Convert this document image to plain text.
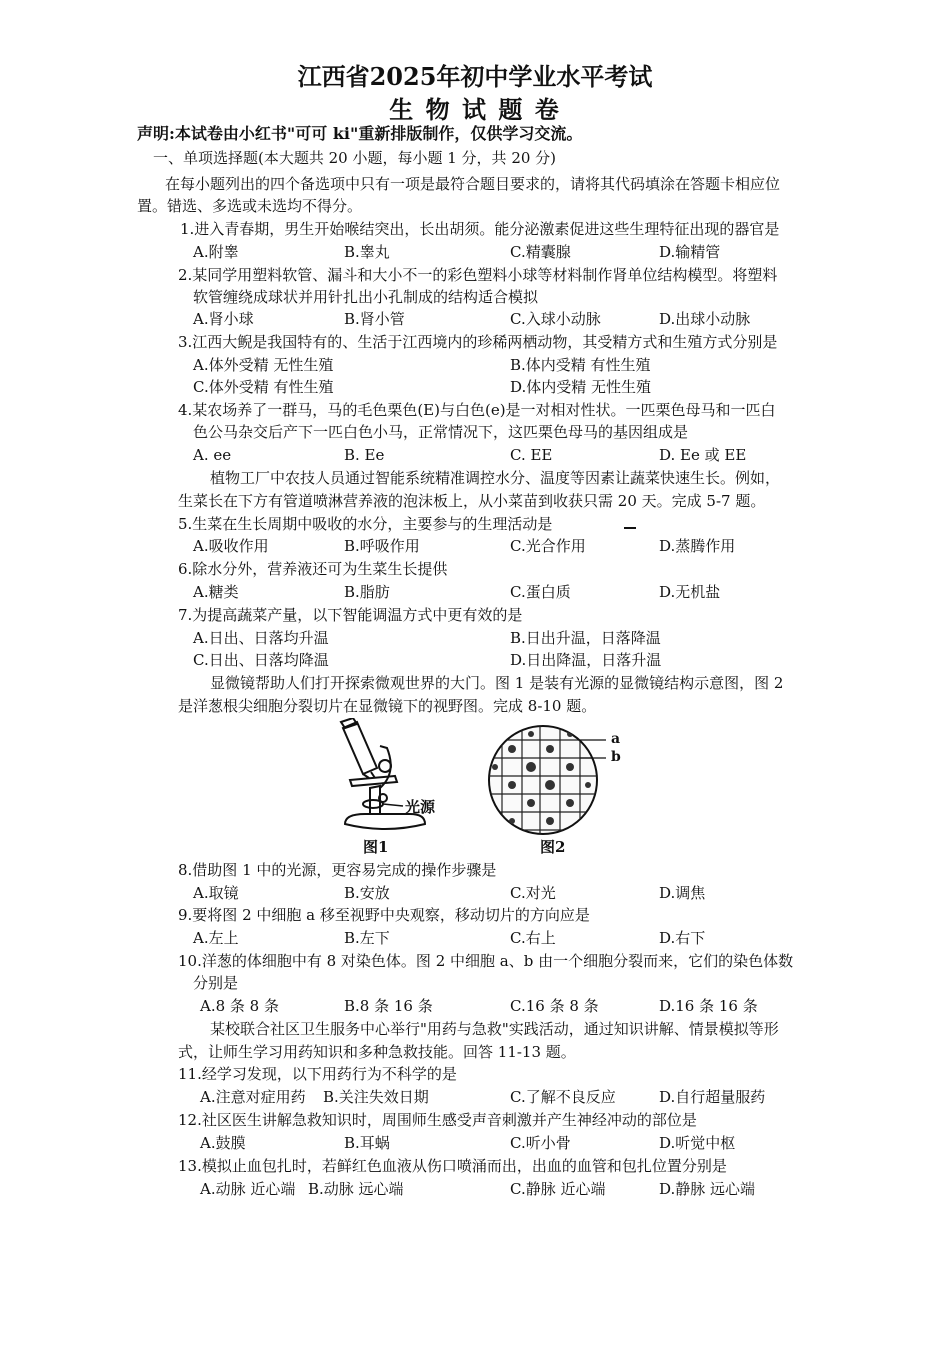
江西省2025年初中学业水平考试
生 物 试 题 卷
声明:本试卷由小红书"可可 ki"重新排版制作，仅供学习交流。
一、单项选择题(本大题共 20 小题，每小题 1 分，共 20 分)
在每小题列出的四个备选项中只有一项是最符合题目要求的，请将其代码填涂在答题卡相应位
置。错选、多选或未选均不得分。
1.进入青春期，男生开始喉结突出，长出胡须。能分泌激素促进这些生理特征出现的器官是
A.附睾	B.睾丸	C.精囊腺	D.输精管
2.某同学用塑料软管、漏斗和大小不一的彩色塑料小球等材料制作肾单位结构模型。将塑料
软管缠绕成球状并用针扎出小孔制成的结构适合模拟
A.肾小球	B.肾小管	C.入球小动脉	D.出球小动脉
3.江西大鲵是我国特有的、生活于江西境内的珍稀两栖动物，其受精方式和生殖方式分别是
A.体外受精 无性生殖	B.体内受精 有性生殖
C.体外受精 有性生殖	D.体内受精 无性生殖
4.某农场养了一群马，马的毛色栗色(E)与白色(e)是一对相对性状。一匹栗色母马和一匹白
色公马杂交后产下一匹白色小马，正常情况下，这匹栗色母马的基因组成是
A. ee	B. Ee	C. EE	D. Ee 或 EE
植物工厂中农技人员通过智能系统精准调控水分、温度等因素让蔬菜快速生长。例如，
生菜长在下方有管道喷淋营养液的泡沫板上，从小菜苗到收获只需 20 天。完成 5-7 题。
5.生菜在生长周期中吸收的水分，主要参与的生理活动是
A.吸收作用	B.呼吸作用	C.光合作用	D.蒸腾作用
6.除水分外，营养液还可为生菜生长提供
A.糖类	B.脂肪	C.蛋白质	D.无机盐
7.为提高蔬菜产量，以下智能调温方式中更有效的是
A.日出、日落均升温	B.日出升温，日落降温
C.日出、日落均降温	D.日出降温，日落升温
显微镜帮助人们打开探索微观世界的大门。图 1 是装有光源的显微镜结构示意图，图 2
是洋葱根尖细胞分裂切片在显微镜下的视野图。完成 8-10 题。
光源
图1
a
b
图2
8.借助图 1 中的光源，更容易完成的操作步骤是
A.取镜	B.安放	C.对光	D.调焦
9.要将图 2 中细胞 a 移至视野中央观察，移动切片的方向应是
A.左上	B.左下	C.右上	D.右下
10.洋葱的体细胞中有 8 对染色体。图 2 中细胞 a、b 由一个细胞分裂而来，它们的染色体数
分别是
A.8 条 8 条	B.8 条 16 条	C.16 条 8 条	D.16 条 16 条
某校联合社区卫生服务中心举行"用药与急救"实践活动，通过知识讲解、情景模拟等形
式，让师生学习用药知识和多种急救技能。回答 11-13 题。
11.经学习发现，以下用药行为不科学的是
A.注意对症用药 B.关注失效日期	C.了解不良反应	D.自行超量服药
12.社区医生讲解急救知识时，周围师生感受声音刺激并产生神经冲动的部位是
A.鼓膜	B.耳蜗	C.听小骨	D.听觉中枢
13.模拟止血包扎时，若鲜红色血液从伤口喷涌而出，出血的血管和包扎位置分别是
A.动脉 近心端 B.动脉 远心端	C.静脉 近心端	D.静脉 远心端
